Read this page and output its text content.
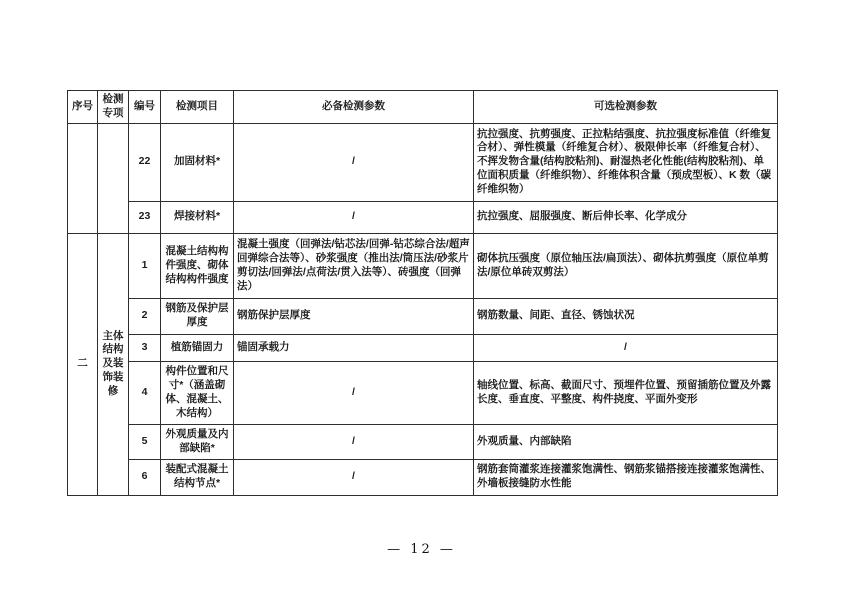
序号	检测专项	编号	检测项目	必备检测参数	可选检测参数
		22	加固材料*	/	抗拉强度、抗剪强度、正拉粘结强度、抗拉强度标准值（纤维复合材）、弹性模量（纤维复合材）、极限伸长率（纤维复合材）、不挥发物含量(结构胶粘剂)、耐湿热老化性能(结构胶粘剂)、单位面积质量（纤维织物）、纤维体积含量（预成型板）、K 数（碳纤维织物）
		23	焊接材料*	/	抗拉强度、屈服强度、断后伸长率、化学成分
二	主体结构及装饰装修	1	混凝土结构构件强度、砌体结构构件强度	混凝土强度（回弹法/钻芯法/回弹-钻芯综合法/超声回弹综合法等）、砂浆强度（推出法/筒压法/砂浆片剪切法/回弹法/点荷法/贯入法等）、砖强度（回弹法）	砌体抗压强度（原位轴压法/扁顶法）、砌体抗剪强度（原位单剪法/原位单砖双剪法）
		2	钢筋及保护层厚度	钢筋保护层厚度	钢筋数量、间距、直径、锈蚀状况
		3	植筋锚固力	锚固承载力	/
		4	构件位置和尺寸*（涵盖砌体、混凝土、木结构）	/	轴线位置、标高、截面尺寸、预埋件位置、预留插筋位置及外露长度、垂直度、平整度、构件挠度、平面外变形
		5	外观质量及内部缺陷*	/	外观质量、内部缺陷
		6	装配式混凝土结构节点*	/	钢筋套筒灌浆连接灌浆饱满性、钢筋浆锚搭接连接灌浆饱满性、外墙板接缝防水性能
— 12 —
